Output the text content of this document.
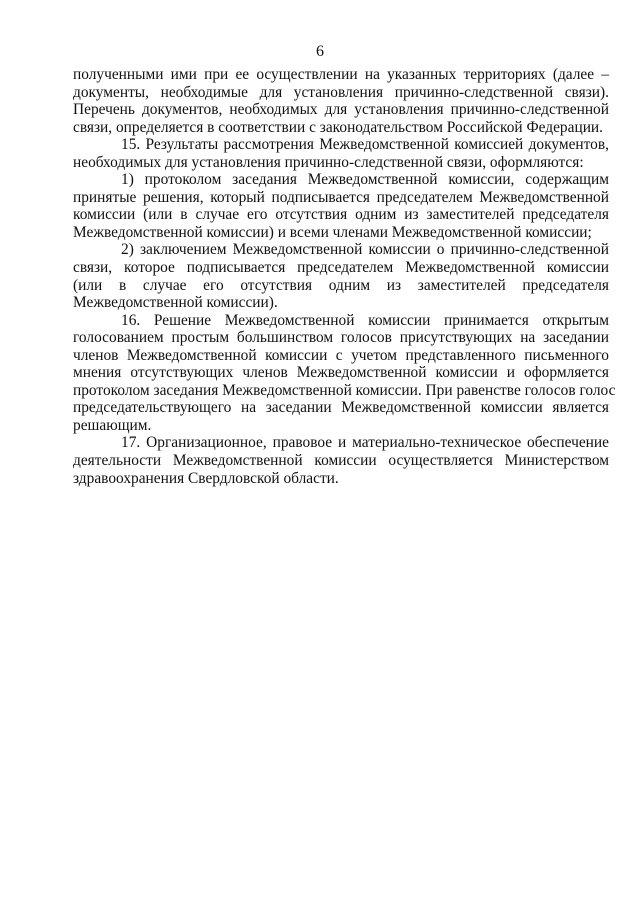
6
полученными ими при ее осуществлении на указанных территориях (далее –
документы, необходимые для установления причинно-следственной связи).
Перечень документов, необходимых для установления причинно-следственной
связи, определяется в соответствии с законодательством Российской Федерации.
15. Результаты рассмотрения Межведомственной комиссией документов,
необходимых для установления причинно-следственной связи, оформляются:
1) протоколом заседания Межведомственной комиссии, содержащим
принятые решения, который подписывается председателем Межведомственной
комиссии (или в случае его отсутствия одним из заместителей председателя
Межведомственной комиссии) и всеми членами Межведомственной комиссии;
2) заключением Межведомственной комиссии о причинно-следственной
связи, которое подписывается председателем Межведомственной комиссии
(или в случае его отсутствия одним из заместителей председателя
Межведомственной комиссии).
16. Решение Межведомственной комиссии принимается открытым
голосованием простым большинством голосов присутствующих на заседании
членов Межведомственной комиссии с учетом представленного письменного
мнения отсутствующих членов Межведомственной комиссии и оформляется
протоколом заседания Межведомственной комиссии. При равенстве голосов голос
председательствующего на заседании Межведомственной комиссии является
решающим.
17. Организационное, правовое и материально-техническое обеспечение
деятельности Межведомственной комиссии осуществляется Министерством
здравоохранения Свердловской области.
